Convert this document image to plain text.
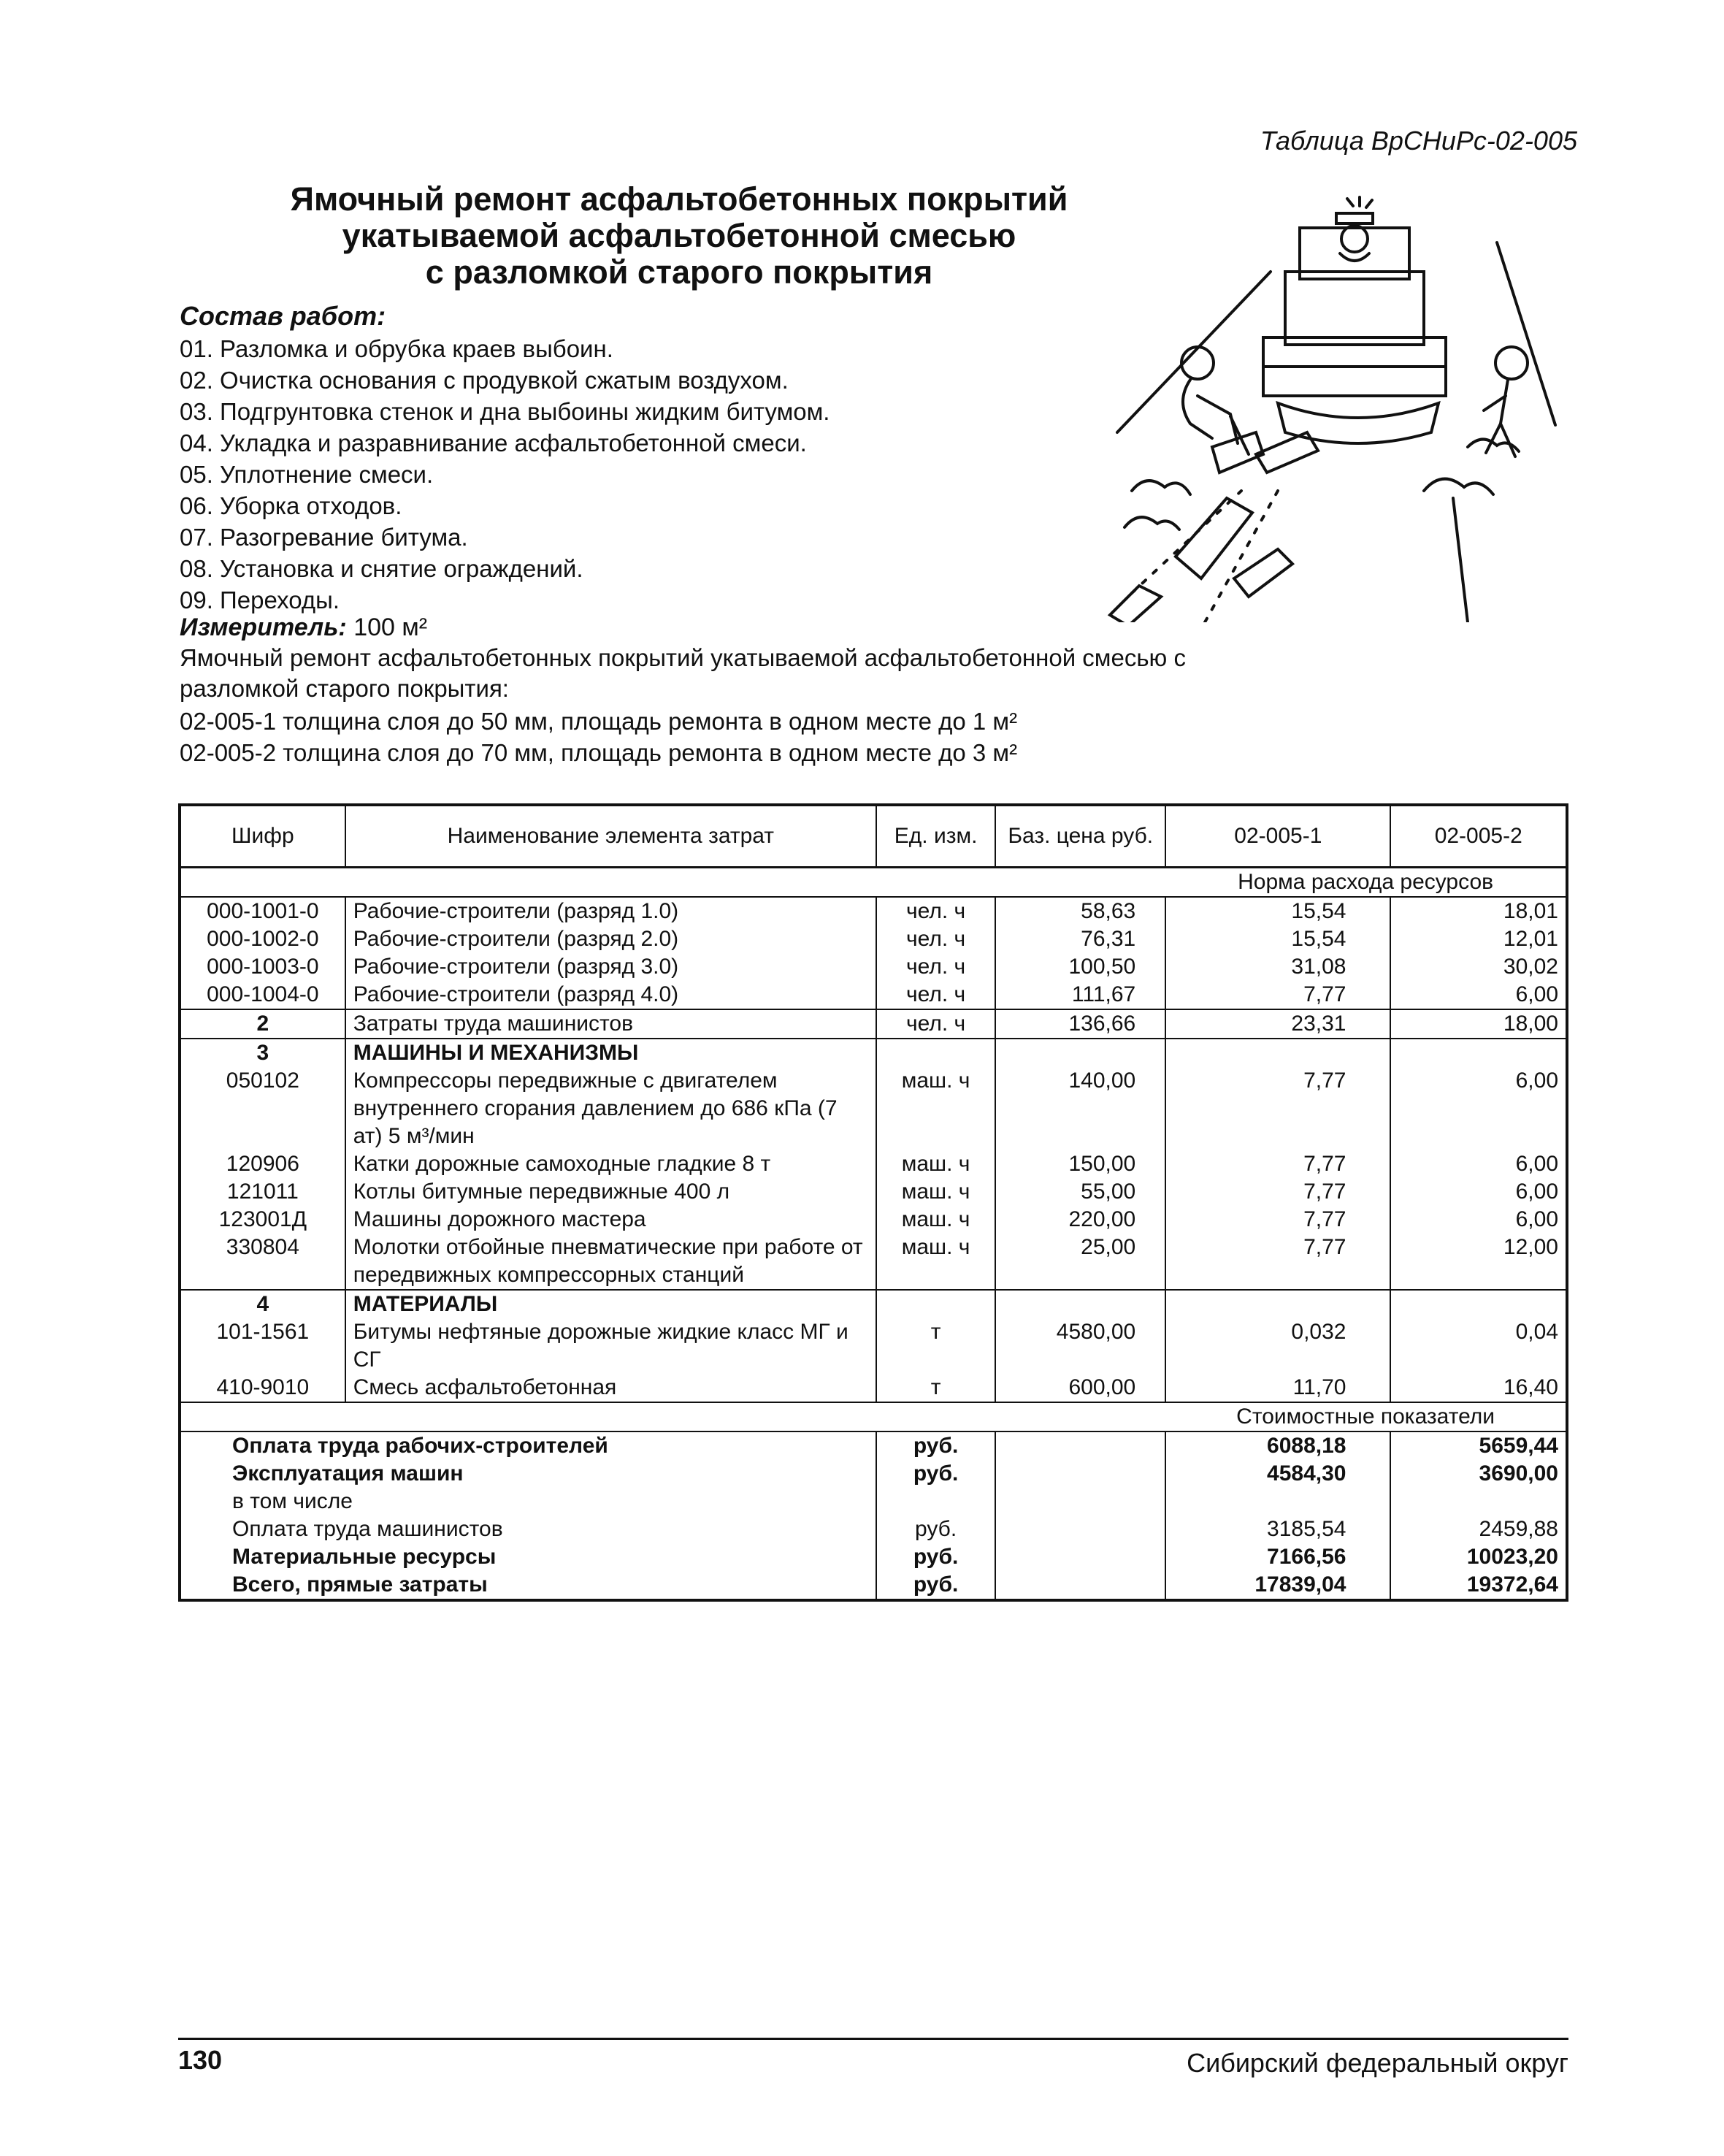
Таблица ВрСНиРс-02-005
Ямочный ремонт асфальтобетонных покрытий
укатываемой асфальтобетонной смесью
с разломкой старого покрытия
Состав работ:
01. Разломка и обрубка краев выбоин.
02. Очистка основания с продувкой сжатым воздухом.
03. Подгрунтовка стенок и дна выбоины жидким битумом.
04. Укладка и разравнивание асфальтобетонной смеси.
05. Уплотнение смеси.
06. Уборка отходов.
07. Разогревание битума.
08. Установка и снятие ограждений.
09. Переходы.
Измеритель: 100 м²
Ямочный ремонт асфальтобетонных покрытий укатываемой асфальтобетонной смесью с разломкой старого покрытия:
02-005-1 толщина слоя до 50 мм, площадь ремонта в одном месте до 1 м²
02-005-2 толщина слоя до 70 мм, площадь ремонта в одном месте до 3 м²
Шифр	Наименование элемента затрат	Ед. изм.	Баз. цена руб.	02-005-1	02-005-2
				Норма расхода ресурсов	
000-1001-0	Рабочие-строители (разряд 1.0)	чел. ч	58,63	15,54	18,01
000-1002-0	Рабочие-строители (разряд 2.0)	чел. ч	76,31	15,54	12,01
000-1003-0	Рабочие-строители (разряд 3.0)	чел. ч	100,50	31,08	30,02
000-1004-0	Рабочие-строители (разряд 4.0)	чел. ч	111,67	7,77	6,00
2	Затраты труда машинистов	чел. ч	136,66	23,31	18,00
3	МАШИНЫ И МЕХАНИЗМЫ				
050102	Компрессоры передвижные с двигателем внутреннего сгорания давлением до 686 кПа (7 ат) 5 м³/мин	маш. ч	140,00	7,77	6,00
120906	Катки дорожные самоходные гладкие 8 т	маш. ч	150,00	7,77	6,00
121011	Котлы битумные передвижные 400 л	маш. ч	55,00	7,77	6,00
123001Д	Машины дорожного мастера	маш. ч	220,00	7,77	6,00
330804	Молотки отбойные пневматические при работе от передвижных компрессорных станций	маш. ч	25,00	7,77	12,00
4	МАТЕРИАЛЫ				
101-1561	Битумы нефтяные дорожные жидкие класс МГ и СГ	т	4580,00	0,032	0,04
410-9010	Смесь асфальтобетонная	т	600,00	11,70	16,40
				Стоимостные показатели	
Оплата труда рабочих-строителей		руб.		6088,18	5659,44
Эксплуатация машин		руб.		4584,30	3690,00
в том числе					
Оплата труда машинистов		руб.		3185,54	2459,88
Материальные ресурсы		руб.		7166,56	10023,20
Всего, прямые затраты		руб.		17839,04	19372,64
130	Сибирский федеральный округ
